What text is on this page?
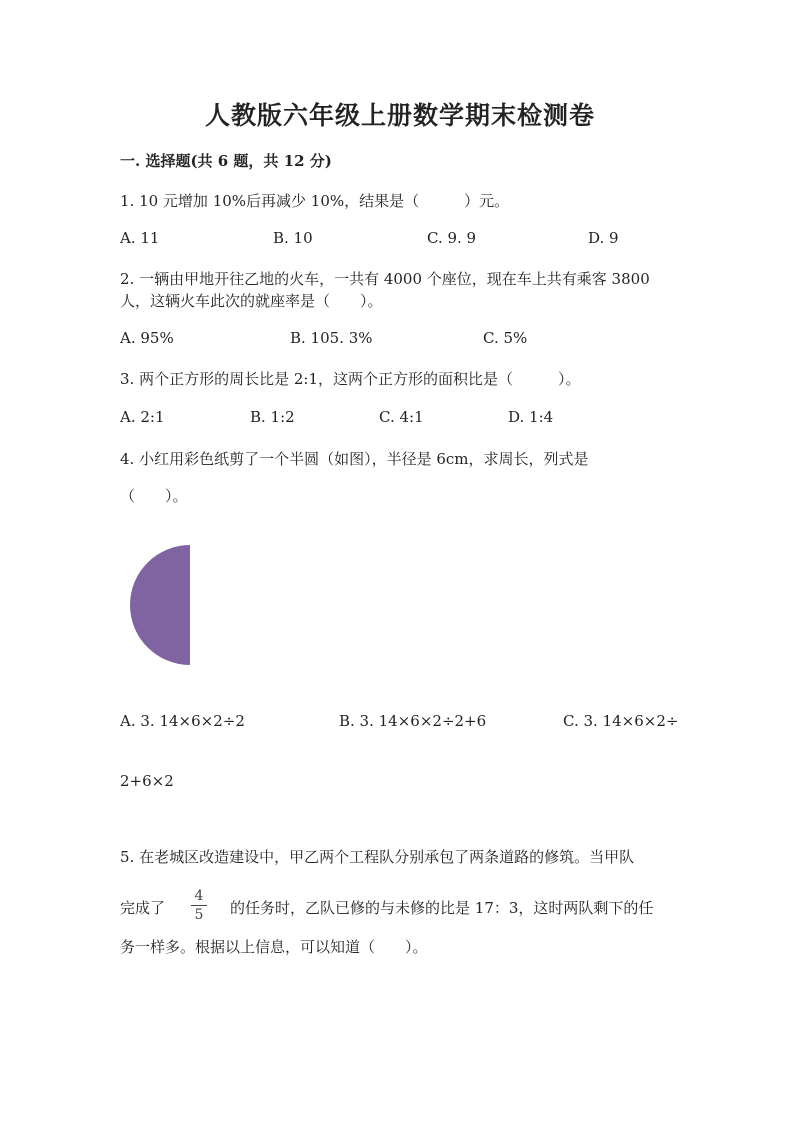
人教版六年级上册数学期末检测卷
一. 选择题(共 6 题，共 12 分)
1. 10 元增加 10%后再减少 10%，结果是（　　　）元。
A. 11	B. 10	C. 9. 9	D. 9
2. 一辆由甲地开往乙地的火车，一共有 4000 个座位，现在车上共有乘客 3800
人，这辆火车此次的就座率是（　　）。
A. 95%	B. 105. 3%	C. 5%
3. 两个正方形的周长比是 2:1，这两个正方形的面积比是（　　　）。
A. 2:1	B. 1:2	C. 4:1	D. 1:4
4. 小红用彩色纸剪了一个半圆（如图），半径是 6cm，求周长，列式是
（　　）。
A. 3. 14×6×2÷2	B. 3. 14×6×2÷2+6	C. 3. 14×6×2÷
2+6×2
5. 在老城区改造建设中，甲乙两个工程队分别承包了两条道路的修筑。当甲队
完成了
4
5	的任务时，乙队已修的与未修的比是 17：3，这时两队剩下的任
务一样多。根据以上信息，可以知道（　　）。
